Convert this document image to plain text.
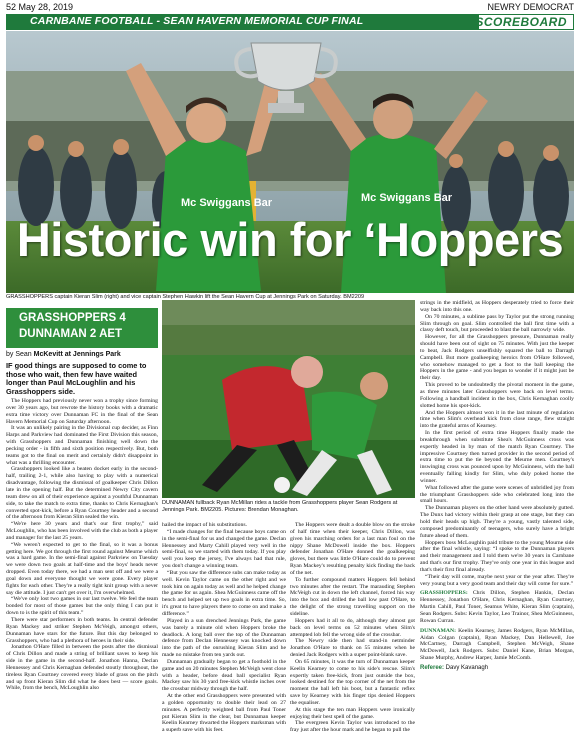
52 May 28, 2019	NEWRY DEMOCRAT
CARNBANE FOOTBALL - SEAN HAVERN MEMORIAL CUP FINAL	SCOREBOARD
Mc Swiggans Bar	Mc Swiggans Bar
Historic win for ‘Hoppers
GRASSHOPPERS captain Kieran Slim (right) and vice captain Stephen Hawkin lift the Sean Havern Cup at Jennings Park on Saturday. BM2209
GRASSHOPPERS 4
DUNNAMAN 2 AET
by Sean McKevitt at Jennings Park
IF good things are supposed to come to those who wait, then few have waited longer than Paul McLoughlin and his Grasshoppers side.

The Hoppers had previously never won a trophy since forming over 30 years ago, but rewrote the history books with a dramatic extra time victory over Dunnaman FC in the final of the Sean Havern Memorial Cup on Saturday afternoon.

It was an unlikely pairing in the Divisional cup decider, as Finn Harps and Parkview had dominated the First Division this season, with Grasshoppers and Dunnaman finishing well down the pecking order - in fifth and sixth position respectively. But, both teams got to the final on merit and certainly didn't disappoint in what was a thrilling encounter.

Grasshoppers looked like a beaten docket early in the second-half, trailing 2-1, while also having to play with a numerical disadvantage, following the dismissal of goalkeeper Chris Dillon late in the opening half. But the determined Newry City cavern team drew on all of their experience against a youthful Dunnaman side, to take the match to extra time, thanks to Chris Kernaghan's converted spot-kick, before a Ryan Courtney header and a second of the afternoon from Kieran Slim sealed the win.

“We're here 30 years and that's our first trophy,” said McLoughlin, who has been involved with the club as both a player and manager for the last 25 years.

“We weren't expected to get to the final, so it was a bonus getting here. We got through the first round against Meurne which was a hard game. In the semi-final against Parkview on Tuesday we were down two goals at half-time and the boys' heads never dropped. Even today there, we had a man sent off and we were a goal down and everyone thought we were gone. Every player fights for each other. They're a really tight knit group with a never say die attitude. I just can't get over it, I'm overwhelmed.

“We've only lost two games in our last twelve. We feel the team bonded for most of those games but the only thing I can put it down to is the spirit of this team.”

There were star performers in both teams. In central defender Ryan Mackey and striker Stephen McVeigh, amongst others, Dunnaman have stars for the future. But this day belonged to Grasshoppers, who had a plethora of heroes in their side.

Jonathon O'Hare filled in between the posts after the dismissal of Chris Dillon and made a string of brilliant saves to keep his side in the game in the second-half. Jonathon Hanna, Declan Hennessey and Chris Kernaghan defended stoutly throughout, the tireless Ryan Courtney covered every blade of grass on the pitch and up front Kieran Slim did what he does best — score goals. While, from the bench, McLoughlin also

DUNNAMAN fullback Ryan McMillan rides a tackle from Grasshoppers player Sean Rodgers at Jennings Park. BM2205. Pictures: Brendan Monaghan.

hailed the impact of his substitutions.

“I made changes for the final because boys came on in the semi-final for us and changed the game. Declan Hennessey and Marty Cahill played very well in the semi-final, so we started with them today. If you play well you keep the jersey, I've always had that rule, you don't change a winning team.

“But you saw the difference subs can make today as well. Kevin Taylor came on the other right and we took him on again today as well and he helped change the game for us again. Shea McGuinness came off the bench and helped set up two goals in extra time. So, it's great to have players there to come on and make a difference.”

Played in a sun drenched Jennings Park, the game was barely a minute old when Hoppers broke the deadlock. A long ball over the top of the Dunnaman defence from Declan Hennessey was knocked down into the path of the onrushing Kieran Slim and he made no mistake from ten yards out.

Dunnaman gradually began to get a foothold in the game and on 20 minutes Stephen McVeigh went close with a header, before dead ball specialist Ryan Mackey saw his 30 yard free-kick whistle inches over the crossbar midway through the half.

At the other end Grasshoppers were presented with a golden opportunity to double their lead on 27 minutes. A perfectly weighted ball from Paul Toner put Kieran Slim in the clear, but Dunnaman keeper Keelin Kearney thwarted the Hoppers marksman with a superb save with his feet.

The Hoppers were dealt a double blow on the stroke of half time when their keeper, Chris Dillon, was given his marching orders for a last man foul on the nippy Shane McDowell inside the box. Hoppers defender Jonathan O'Hare donned the goalkeeping gloves, but there was little O'Hare could do to prevent Ryan Mackey's resulting penalty kick finding the back of the net.

To further compound matters Hoppers fell behind two minutes after the restart. The marauding Stephen McVeigh cut in down the left channel, forced his way into the box and drilled the ball low past O'Hare, to the delight of the strong travelling support on the sideline.

Hoppers had it all to do, although they almost got back on level terms on 52 minutes when Slim's attempted lob fell the wrong side of the crossbar.

The Newry side then had stand-in netminder Jonathon O'Hare to thank on 55 minutes when he denied Jack Rodgers with a super point-blank save.

On 65 minutes, it was the turn of Dunnaman keeper Keelin Kearney to come to his side's rescue. Slim's expertly taken free-kick, from just outside the box, looked destined for the top corner of the net from the moment the ball left his boot, but a fantastic reflex save by Kearney with his finger tips denied Hoppers the equaliser.

At this stage the ten man Hoppers were ironically enjoying their best spell of the game.

The evergreen Kevin Taylor was introduced to the fray just after the hour mark and he began to pull the

strings in the midfield, as Hoppers desperately tried to force their way back into this one.

On 70 minutes, a sublime pass by Taylor put the strong running Slim through on goal. Slim controlled the ball first time with a classy deft touch, but proceeded to blast the ball narrowly wide.

However, for all the Grasshoppers pressure, Dunnaman really should have been out of sight on 75 minutes. With just the keeper to beat, Jack Rodgers unselfishly squared the ball to Darragh Campbell. But more goalkeeping heroics from O'Hare followed, who somehow managed to get a foot to the ball keeping the Hoppers in the game - and you began to wonder if it might just be their day.

This proved to be undoubtedly the pivotal moment in the game, as three minutes later Grasshoppers were back on level terms. Following a handball incident in the box, Chris Kernaghan coolly slotted home his spot-kick.

And the Hoppers almost won it in the last minute of regulation time when Slim's overhead kick from close range, flew straight into the grateful arms of Kearney.

In the first period of extra time Hoppers finally made the breakthrough when substitute Shea's McGuinness cross was expertly headed in by man of the match Ryan Courtney. The impressive Courtney then turned provider in the second period of extra time to put the tie beyond the Meurne men. Courtney's inswinging cross was pounced upon by McGuinness, with the ball eventually falling kindly for Slim, who duly poked home the winner.

What followed after the game were scenes of unbridled joy from the triumphant Grasshoppers side who celebrated long into the small hours.

The Dunnaman players on the other hand were absolutely gutted. The Dunx had victory within their grasp at one stage, but they can hold their heads up high. They're a young, vastly talented side, composed predominantly of teenagers, who surely have a bright future ahead of them.

Hoppers boss McLoughlin paid tribute to the young Mourne side after the final whistle, saying: “I spoke to the Dunnaman players and their management and I told them we're 30 years in Carnbane and that's our first trophy. They've only one year in this league and that's their first final already.

“Their day will come, maybe next year or the year after. They're very young but a very good team and their day will come for sure.”

GRASSHOPPERS: Chris Dillon, Stephen Hankin, Declan Hennessey, Jonathon O'Hare, Chris Kernaghan, Ryan Courtney, Martin Cahill, Paul Toner, Seamus White, Kieran Slim (captain), Sean Rodgers. Subs: Kevin Taylor, Leo Trainor, Shea McGuinness, Rowan Curran.

DUNNAMAN: Keelin Kearney, James Rodgers, Ryan McMillan, Aidan Colgan (captain), Ryan Mackey, Dan Hellewell, Joe McCartney, Darragh Campbell, Stephen McVeigh, Shane McDowell, Jack Rodgers. Subs: Daniel Kane, Brian Morgan, Shane Murphy, Andrew Harper, Jamie McComb.

Referee: Davy Kavanagh
